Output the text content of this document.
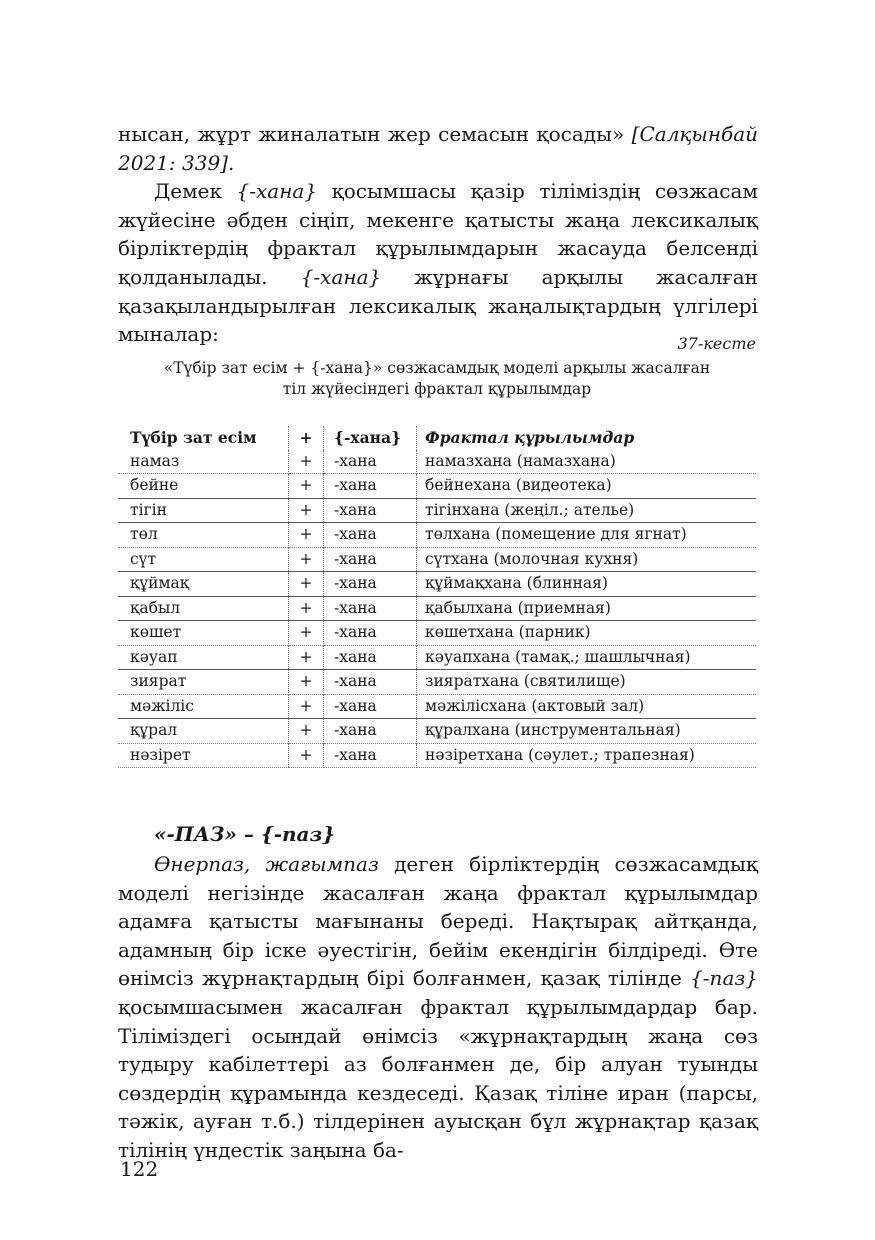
нысан, жұрт жиналатын жер семасын қосады» [Салқынбай 2021: 339].

Демек {-хана} қосымшасы қазір тіліміздің сөзжасам жүйесіне әбден сіңіп, мекенге қатысты жаңа лексикалық бірліктердің фрактал құрылымдарын жасауда белсенді қолданылады. {-хана} жұрнағы арқылы жасалған қазақыландырылған лексикалық жаңалықтардың үлгілері мыналар:	37-кесте
«Түбір зат есім + {-хана}» сөзжасамдық моделі арқылы жасалған
тіл жүйесіндегі фрактал құрылымдар
Түбір зат есім	+	{-хана}	Фрактал құрылымдар
намаз	+	-хана	намазхана (намазхана)
бейне	+	-хана	бейнехана (видеотека)
тігін	+	-хана	тігінхана (жеңіл.; ателье)
төл	+	-хана	төлхана (помещение для ягнат)
сүт	+	-хана	сүтхана (молочная кухня)
құймақ	+	-хана	құймақхана (блинная)
қабыл	+	-хана	қабылхана (приемная)
көшет	+	-хана	көшетхана (парник)
кәуап	+	-хана	кәуапхана (тамақ.; шашлычная)
зиярат	+	-хана	зияратхана (святилище)
мәжіліс	+	-хана	мәжілісхана (актовый зал)
құрал	+	-хана	құралхана (инструментальная)
нәзірет	+	-хана	нәзіретхана (сәулет.; трапезная)

Өнерпаз, жағымпаз деген бірліктердің сөзжасамдық моделі негізінде жасалған жаңа фрактал құрылымдар адамға қатысты мағынаны береді. Нақтырақ айтқанда, адамның бір іске әуестігін, бейім екендігін білдіреді. Өте өнімсіз жұрнақтардың бірі болғанмен, қазақ тілінде {-паз} қосымшасымен жасалған фрактал құрылымдардар бар. Тіліміздегі осындай өнімсіз «жұрнақтардың жаңа сөз тудыру кабілеттері аз болғанмен де, бір алуан туынды сөздердің құрамында кездеседі. Қазақ тіліне иран (парсы, тәжік, ауған т.б.) тілдерінен ауысқан бұл жұрнақтар қазақ тілінің үндестік заңына ба-

«-ПАЗ» – {-паз}
122
